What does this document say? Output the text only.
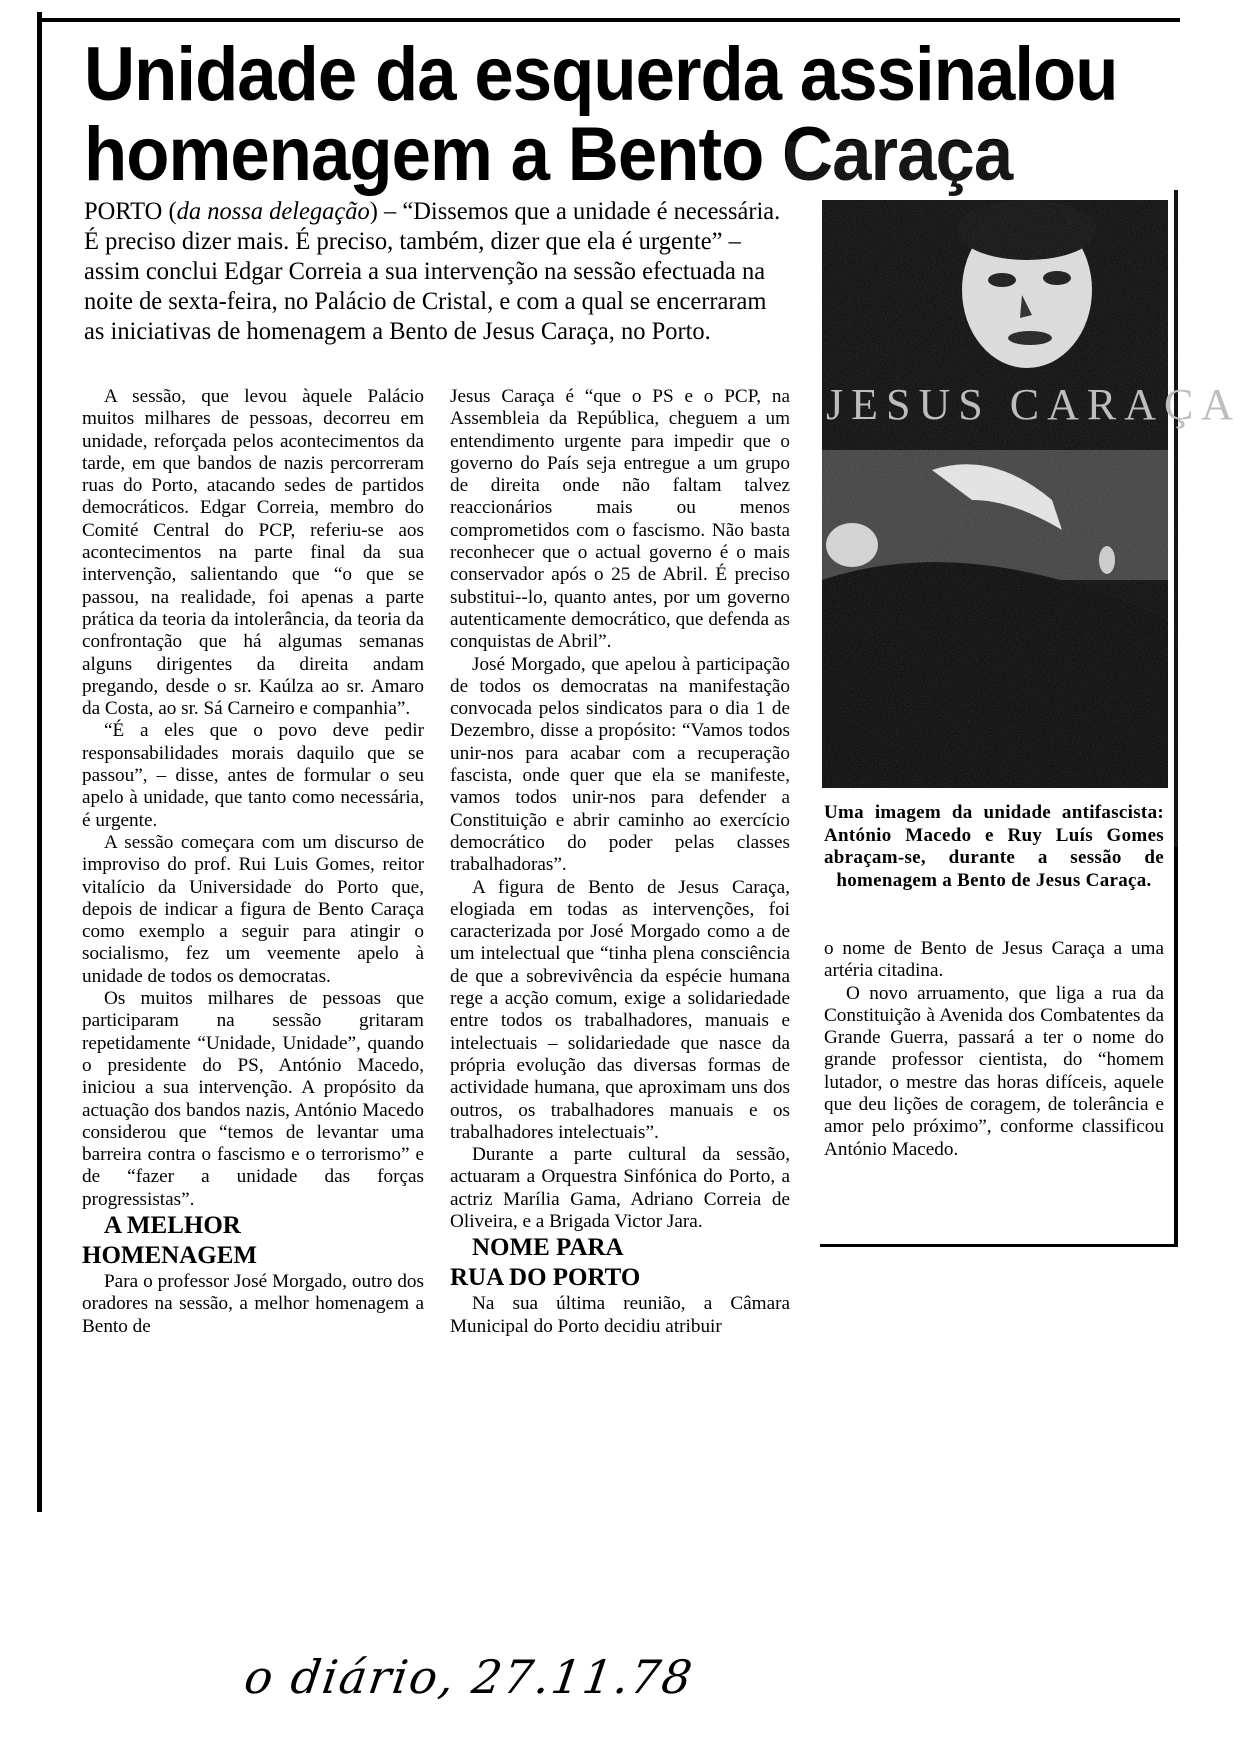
Unidade da esquerda assinalou
homenagem a Bento Caraça

PORTO (da nossa delegação) – “Dissemos que a unidade é necessária. É preciso dizer mais. É preciso, também, dizer que ela é urgente” – assim conclui Edgar Correia a sua intervenção na sessão efectuada na noite de sexta-feira, no Palácio de Cristal, e com a qual se encerraram as iniciativas de homenagem a Bento de Jesus Caraça, no Porto.

A sessão, que levou àquele Palácio muitos milhares de pessoas, decorreu em unidade, reforçada pelos acontecimentos da tarde, em que bandos de nazis percorreram ruas do Porto, atacando sedes de partidos democráticos. Edgar Correia, membro do Comité Central do PCP, referiu-se aos acontecimentos na parte final da sua intervenção, salientando que “o que se passou, na realidade, foi apenas a parte prática da teoria da intolerância, da teoria da confrontação que há algumas semanas alguns dirigentes da direita andam pregando, desde o sr. Kaúlza ao sr. Amaro da Costa, ao sr. Sá Carneiro e companhia”.

“É a eles que o povo deve pedir responsabilidades morais daquilo que se passou”, – disse, antes de formular o seu apelo à unidade, que tanto como necessária, é urgente.

A sessão começara com um discurso de improviso do prof. Rui Luis Gomes, reitor vitalício da Universidade do Porto que, depois de indicar a figura de Bento Caraça como exemplo a seguir para atingir o socialismo, fez um veemente apelo à unidade de todos os democratas.

Os muitos milhares de pessoas que participaram na sessão gritaram repetidamente “Unidade, Unidade”, quando o presidente do PS, António Macedo, iniciou a sua intervenção. A propósito da actuação dos bandos nazis, António Macedo considerou que “temos de levantar uma barreira contra o fascismo e o terrorismo” e de “fazer a unidade das forças progressistas”.

A MELHOR HOMENAGEM

Para o professor José Morgado, outro dos oradores na sessão, a melhor homenagem a Bento de

Jesus Caraça é “que o PS e o PCP, na Assembleia da República, cheguem a um entendimento urgente para impedir que o governo do País seja entregue a um grupo de direita onde não faltam talvez reaccionários mais ou menos comprometidos com o fascismo. Não basta reconhecer que o actual governo é o mais conservador após o 25 de Abril. É preciso substitui--lo, quanto antes, por um governo autenticamente democrático, que defenda as conquistas de Abril”.

José Morgado, que apelou à participação de todos os democratas na manifestação convocada pelos sindicatos para o dia 1 de Dezembro, disse a propósito: “Vamos todos unir-nos para acabar com a recuperação fascista, onde quer que ela se manifeste, vamos todos unir-nos para defender a Constituição e abrir caminho ao exercício democrático do poder pelas classes trabalhadoras”.

A figura de Bento de Jesus Caraça, elogiada em todas as intervenções, foi caracterizada por José Morgado como a de um intelectual que “tinha plena consciência de que a sobrevivência da espécie humana rege a acção comum, exige a solidariedade entre todos os trabalhadores, manuais e intelectuais – solidariedade que nasce da própria evolução das diversas formas de actividade humana, que aproximam uns dos outros, os trabalhadores manuais e os trabalhadores intelectuais”.

Durante a parte cultural da sessão, actuaram a Orquestra Sinfónica do Porto, a actriz Marília Gama, Adriano Correia de Oliveira, e a Brigada Victor Jara.

NOME PARA RUA DO PORTO

Na sua última reunião, a Câmara Municipal do Porto decidiu atribuir

JESUS CARAÇA
Uma imagem da unidade antifascista: António Macedo e Ruy Luís Gomes abraçam-se, durante a sessão de homenagem a Bento de Jesus Caraça.

o nome de Bento de Jesus Caraça a uma artéria citadina.

O novo arruamento, que liga a rua da Constituição à Avenida dos Combatentes da Grande Guerra, passará a ter o nome do grande professor cientista, do “homem lutador, o mestre das horas difíceis, aquele que deu lições de coragem, de tolerância e amor pelo próximo”, conforme classificou António Macedo.

o diário, 27.11.78
